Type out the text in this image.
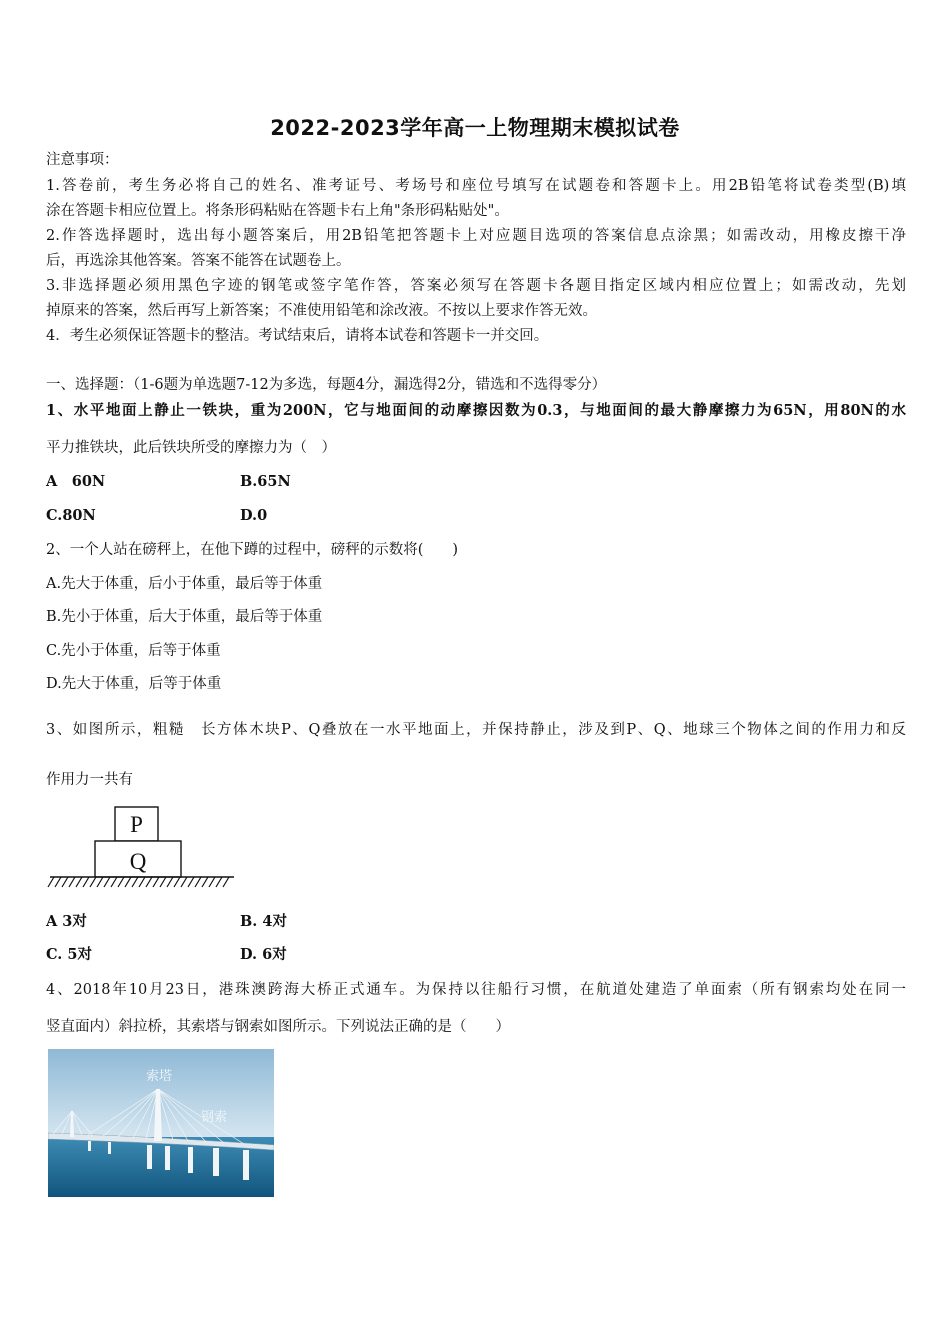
2022-2023学年高一上物理期末模拟试卷
注意事项：
1.答卷前，考生务必将自己的姓名、准考证号、考场号和座位号填写在试题卷和答题卡上。用2B铅笔将试卷类型(B)填
涂在答题卡相应位置上。将条形码粘贴在答题卡右上角"条形码粘贴处"。
2.作答选择题时，选出每小题答案后，用2B铅笔把答题卡上对应题目选项的答案信息点涂黑；如需改动，用橡皮擦干净
后，再选涂其他答案。答案不能答在试题卷上。
3.非选择题必须用黑色字迹的钢笔或签字笔作答，答案必须写在答题卡各题目指定区域内相应位置上；如需改动，先划
掉原来的答案，然后再写上新答案；不准使用铅笔和涂改液。不按以上要求作答无效。
4．考生必须保证答题卡的整洁。考试结束后，请将本试卷和答题卡一并交回。
一、选择题：（1-6题为单选题7-12为多选，每题4分，漏选得2分，错选和不选得零分）
1、水平地面上静止一铁块，重为200N，它与地面间的动摩擦因数为0.3，与地面间的最大静摩擦力为65N，用80N的水
平力推铁块，此后铁块所受的摩擦力为（　）
A　60N	B.65N
C.80N	D.0
2、一个人站在磅秤上，在他下蹲的过程中，磅秤的示数将(　　)
A.先大于体重，后小于体重，最后等于体重
B.先小于体重，后大于体重，最后等于体重
C.先小于体重，后等于体重
D.先大于体重，后等于体重
3、如图所示，粗糙　长方体木块P、Q叠放在一水平地面上，并保持静止，涉及到P、Q、地球三个物体之间的作用力和反
作用力一共有
P
Q
A 3对	B. 4对
C. 5对	D. 6对
4、2018年10月23日，港珠澳跨海大桥正式通车。为保持以往船行习惯，在航道处建造了单面索（所有钢索均处在同一
竖直面内）斜拉桥，其索塔与钢索如图所示。下列说法正确的是（　　）
索塔
钢索
